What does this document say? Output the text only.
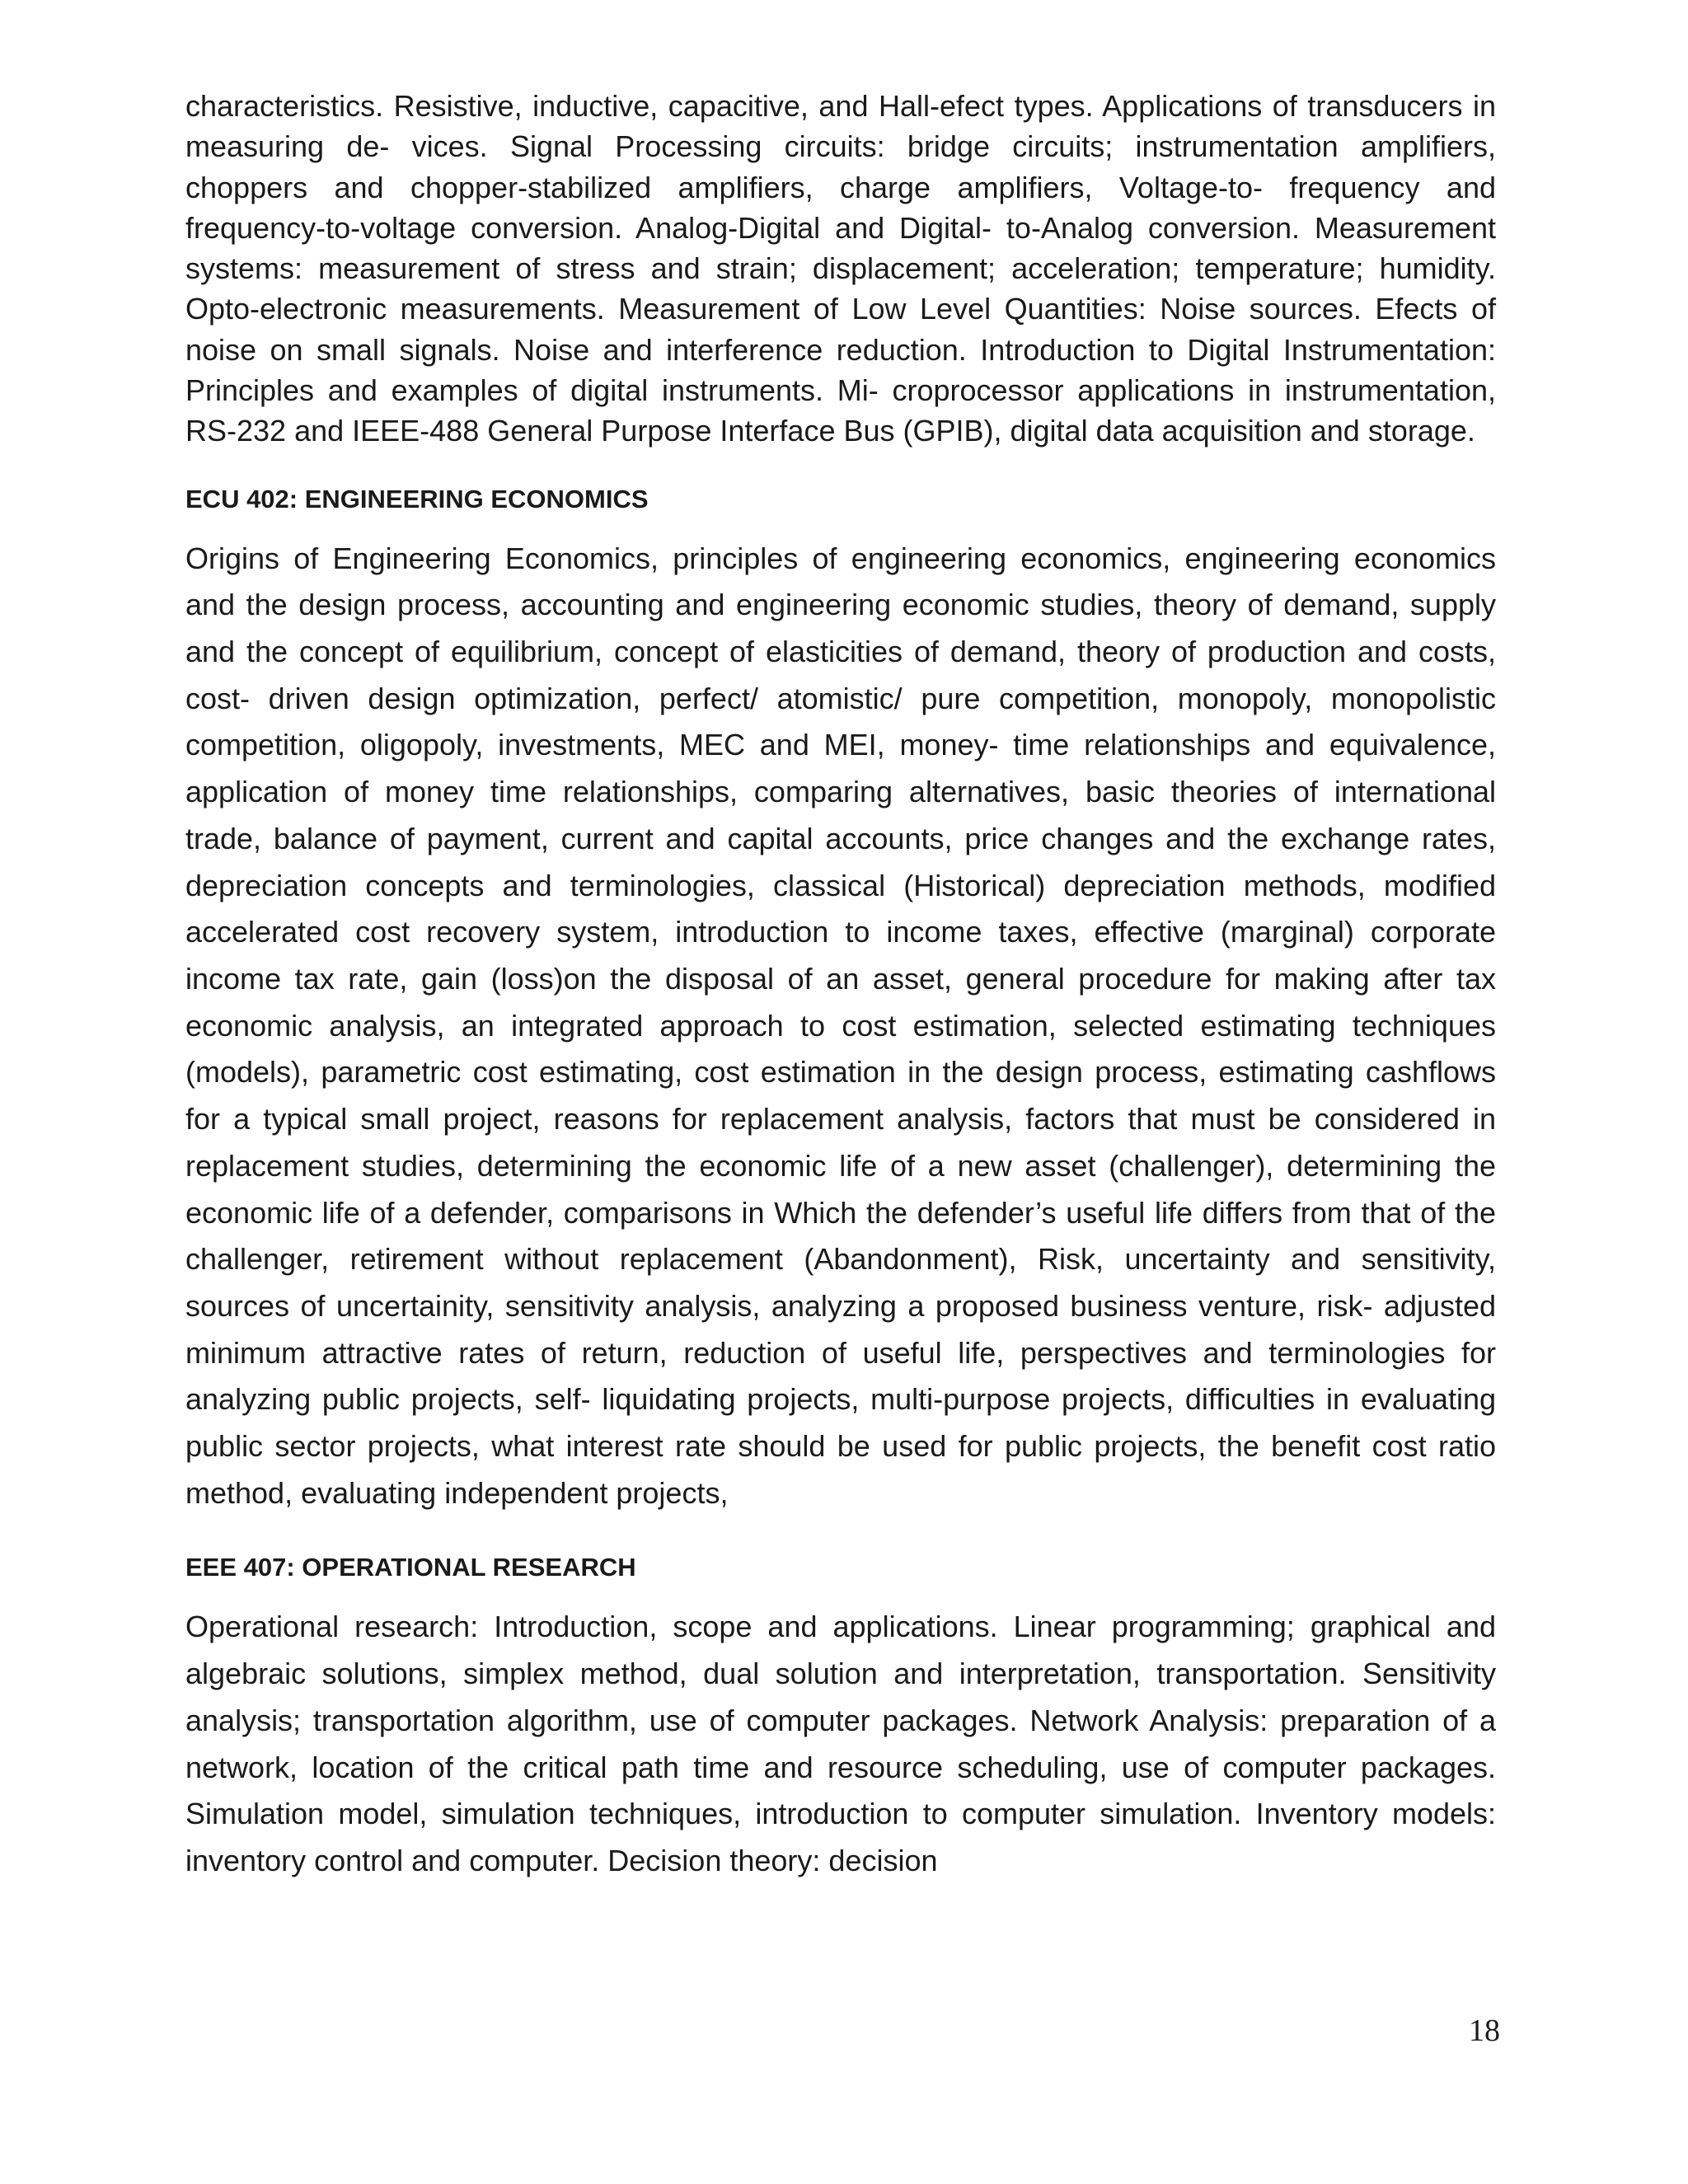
characteristics. Resistive, inductive, capacitive, and Hall-efect types. Applications of transducers in measuring de- vices. Signal Processing circuits: bridge circuits; instrumentation amplifiers, choppers and chopper-stabilized amplifiers, charge amplifiers, Voltage-to- frequency and frequency-to-voltage conversion. Analog-Digital and Digital- to-Analog conversion. Measurement systems: measurement of stress and strain; displacement; acceleration; temperature; humidity. Opto-electronic measurements. Measurement of Low Level Quantities: Noise sources. Efects of noise on small signals. Noise and interference reduction. Introduction to Digital Instrumentation: Principles and examples of digital instruments. Mi- croprocessor applications in instrumentation, RS-232 and IEEE-488 General Purpose Interface Bus (GPIB), digital data acquisition and storage.

ECU 402: ENGINEERING ECONOMICS

Origins of Engineering Economics, principles of engineering economics, engineering economics and the design process, accounting and engineering economic studies, theory of demand, supply and the concept of equilibrium, concept of elasticities of demand, theory of production and costs, cost- driven design optimization, perfect/ atomistic/ pure competition, monopoly, monopolistic competition, oligopoly, investments, MEC and MEI, money- time relationships and equivalence, application of money time relationships, comparing alternatives, basic theories of international trade, balance of payment, current and capital accounts, price changes and the exchange rates, depreciation concepts and terminologies, classical (Historical) depreciation methods, modified accelerated cost recovery system, introduction to income taxes, effective (marginal) corporate income tax rate, gain (loss)on the disposal of an asset, general procedure for making after tax economic analysis, an integrated approach to cost estimation, selected estimating techniques (models), parametric cost estimating, cost estimation in the design process, estimating cashflows for a typical small project, reasons for replacement analysis, factors that must be considered in replacement studies, determining the economic life of a new asset (challenger), determining the economic life of a defender, comparisons in Which the defender’s useful life differs from that of the challenger, retirement without replacement (Abandonment), Risk, uncertainty and sensitivity, sources of uncertainity, sensitivity analysis, analyzing a proposed business venture, risk- adjusted minimum attractive rates of return, reduction of useful life, perspectives and terminologies for analyzing public projects, self- liquidating projects, multi-purpose projects, difficulties in evaluating public sector projects, what interest rate should be used for public projects, the benefit cost ratio method, evaluating independent projects,

EEE 407: OPERATIONAL RESEARCH

Operational research: Introduction, scope and applications. Linear programming; graphical and algebraic solutions, simplex method, dual solution and interpretation, transportation. Sensitivity analysis; transportation algorithm, use of computer packages. Network Analysis: preparation of a network, location of the critical path time and resource scheduling, use of computer packages. Simulation model, simulation techniques, introduction to computer simulation. Inventory models: inventory control and computer. Decision theory: decision

18
